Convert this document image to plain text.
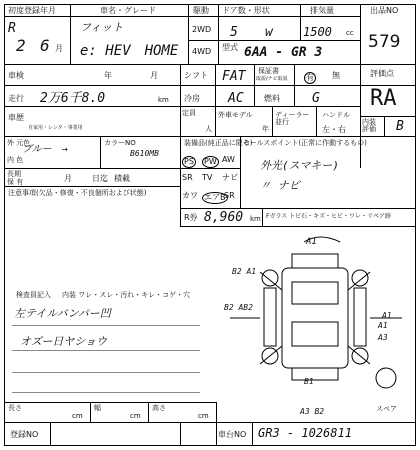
初度登録年月
R
2 6 月
車名・グレード
フィット
e: HEV　HOME
駆動
2WD
4WD
ドア数・形状
5 w
排気量
1500 cc
型式 6AA - GR 3
出品NO
579
車検	年	月	シフト FAT 保証書
取説/ナビ取説 有 無	評価点
走行 2万6千8.0	km 冷房 AC	燃料 G RA
車歴
自家用・レンタ・事業用
定員
人
外車モデル
年
ディーラー 並行
ハンドル
左・右
内装 評価	B
外 元色
内 色
ブルー　→
カラーNO
B610MB
装備品(純正品に限る)
PS PW AW
SR TV ナビ
カワ エアB
SR
セールスポイント(正常に作動するもの)
外光(スマキー)
〃 ナビ
長期
保 有	月	日迄 積載
R券 8,960 km Fガラス トビ石・キズ・ヒビ・ワレ・リペア跡
注意事項(欠品・修復・不良個所および状態)
検査員記入 内装 ワレ・スレ・汚れ・キレ・コゲ・穴
左テイルバンパー凹
オズー日ヤショウ
A1
B2 A1
B2 AB2
A1
A1
A3
B1
A3 B2	スペア
長さ
cm
幅
cm
高さ
cm
登録NO	車台NO GR3 - 1026811
